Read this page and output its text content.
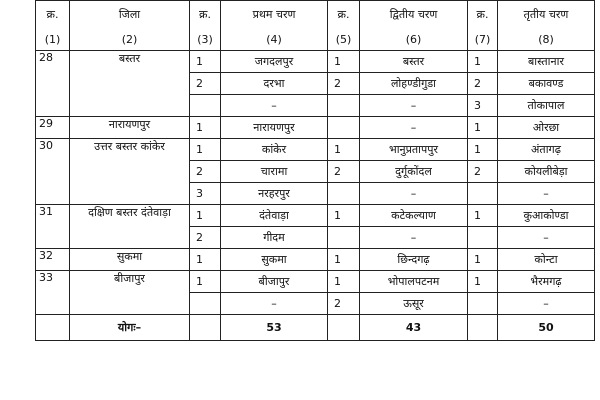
क्र.	जिला	क्र.	प्रथम चरण	क्र.	द्वितीय चरण	क्र.	तृतीय चरण
(1)	(2)	(3)	(4)	(5)	(6)	(7)	(8)
28	बस्तर	1	जगदलपुर	1	बस्तर	1	बास्तानार
		2	दरभा	2	लोहण्डीगुडा	2	बकावण्ड
			–		–	3	तोकापाल
29	नारायणपुर	1	नारायणपुर		–	1	ओरछा
30	उत्तर बस्तर कांकेर	1	कांकेर	1	भानुप्रतापपुर	1	अंतागढ़
		2	चारामा	2	दुर्गूकोंदल	2	कोयलीबेड़ा
		3	नरहरपुर		–		–
31	दक्षिण बस्तर दंतेवाड़ा	1	दंतेवाड़ा	1	कटेकल्याण	1	कुआकोण्डा
		2	गीदम		–		–
32	सुकमा	1	सुकमा	1	छिन्दगढ़	1	कोन्टा
33	बीजापुर	1	बीजापुर	1	भोपालपटनम	1	भैरमगढ़
			–	2	ऊसूर		–
	योगः–		53		43		50
